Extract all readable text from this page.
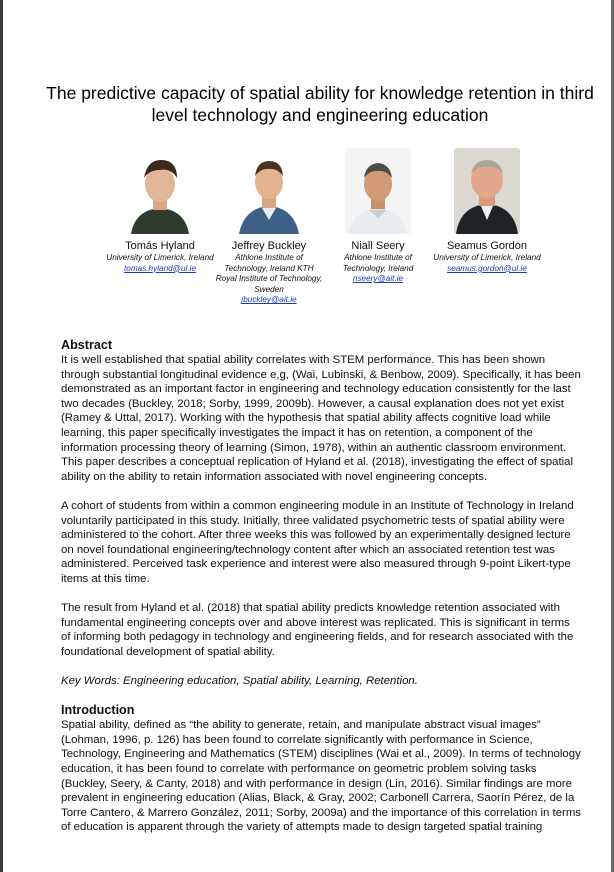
The predictive capacity of spatial ability for knowledge retention in third level technology and engineering education
Tomás Hyland
University of Limerick, Ireland
tomas.hyland@ul.ie
Jeffrey Buckley
Athlone Institute of Technology, Ireland KTH Royal Institute of Technology, Sweden
jbuckley@ait.ie
Niall Seery
Athlone Institute of Technology, Ireland
nseery@ait.ie
Seamus Gordon
University of Limerick, Ireland
seamus.gordon@ul.ie
Abstract

It is well established that spatial ability correlates with STEM performance. This has been shown through substantial longitudinal evidence e,g, (Wai, Lubinski, & Benbow, 2009). Specifically, it has been demonstrated as an important factor in engineering and technology education consistently for the last two decades (Buckley, 2018; Sorby, 1999, 2009b). However, a causal explanation does not yet exist (Ramey & Uttal, 2017). Working with the hypothesis that spatial ability affects cognitive load while learning, this paper specifically investigates the impact it has on retention, a component of the information processing theory of learning (Simon, 1978), within an authentic classroom environment. This paper describes a conceptual replication of Hyland et al. (2018), investigating the effect of spatial ability on the ability to retain information associated with novel engineering concepts.

A cohort of students from within a common engineering module in an Institute of Technology in Ireland voluntarily participated in this study. Initially, three validated psychometric tests of spatial ability were administered to the cohort. After three weeks this was followed by an experimentally designed lecture on novel foundational engineering/technology content after which an associated retention test was administered. Perceived task experience and interest were also measured through 9-point Likert-type items at this time.

The result from Hyland et al. (2018) that spatial ability predicts knowledge retention associated with fundamental engineering concepts over and above interest was replicated. This is significant in terms of informing both pedagogy in technology and engineering fields, and for research associated with the foundational development of spatial ability.

Key Words: Engineering education, Spatial ability, Learning, Retention.

Introduction

Spatial ability, defined as “the ability to generate, retain, and manipulate abstract visual images” (Lohman, 1996, p. 126) has been found to correlate significantly with performance in Science, Technology, Engineering and Mathematics (STEM) disciplines (Wai et al., 2009). In terms of technology education, it has been found to correlate with performance on geometric problem solving tasks (Buckley, Seery, & Canty, 2018) and with performance in design (Lin, 2016). Similar findings are more prevalent in engineering education (Alias, Black, & Gray, 2002; Carbonell Carrera, Saorín Pérez, de la Torre Cantero, & Marrero González, 2011; Sorby, 2009a) and the importance of this correlation in terms of education is apparent through the variety of attempts made to design targeted spatial training
